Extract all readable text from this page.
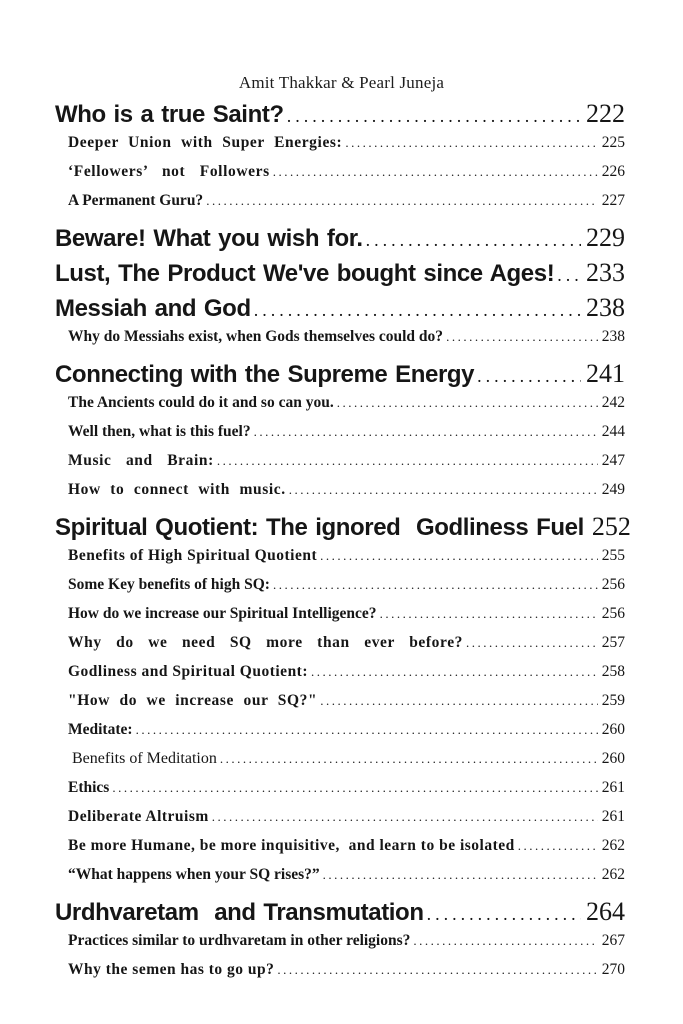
Amit Thakkar & Pearl Juneja
Who is a true Saint? .....	222
Deeper Union with Super Energies: .....	225
‘Fellowers’ not Followers .....	226
A Permanent Guru? .....	227
Beware! What you wish for. .....	229
Lust, The Product We've bought since Ages! ..... 233
Messiah and God .....	238
Why do Messiahs exist, when Gods themselves could do? .....	238
Connecting with the Supreme Energy .....	241
The Ancients could do it and so can you. .....	242
Well then, what is this fuel? .....	244
Music and Brain: .....	247
How to connect with music. .....	249
Spiritual Quotient: The ignored  Godliness Fuel 252
Benefits of High Spiritual Quotient .....	255
Some Key benefits of high SQ: .....	256
How do we increase our Spiritual Intelligence? .....	256
Why do we need SQ more than ever before? .....	257
Godliness and Spiritual Quotient: .....	258
"How do we increase our SQ?" .....	259
Meditate: .....	260
Benefits of Meditation .....	260
Ethics .....	261
Deliberate Altruism .....	261
Be more Humane, be more inquisitive,  and learn to be isolated .....	262
“What happens when your SQ rises?” .....	262
Urdhvaretam  and Transmutation .....	264
Practices similar to urdhvaretam in other religions? .....	267
Why the semen has to go up? .....	270
